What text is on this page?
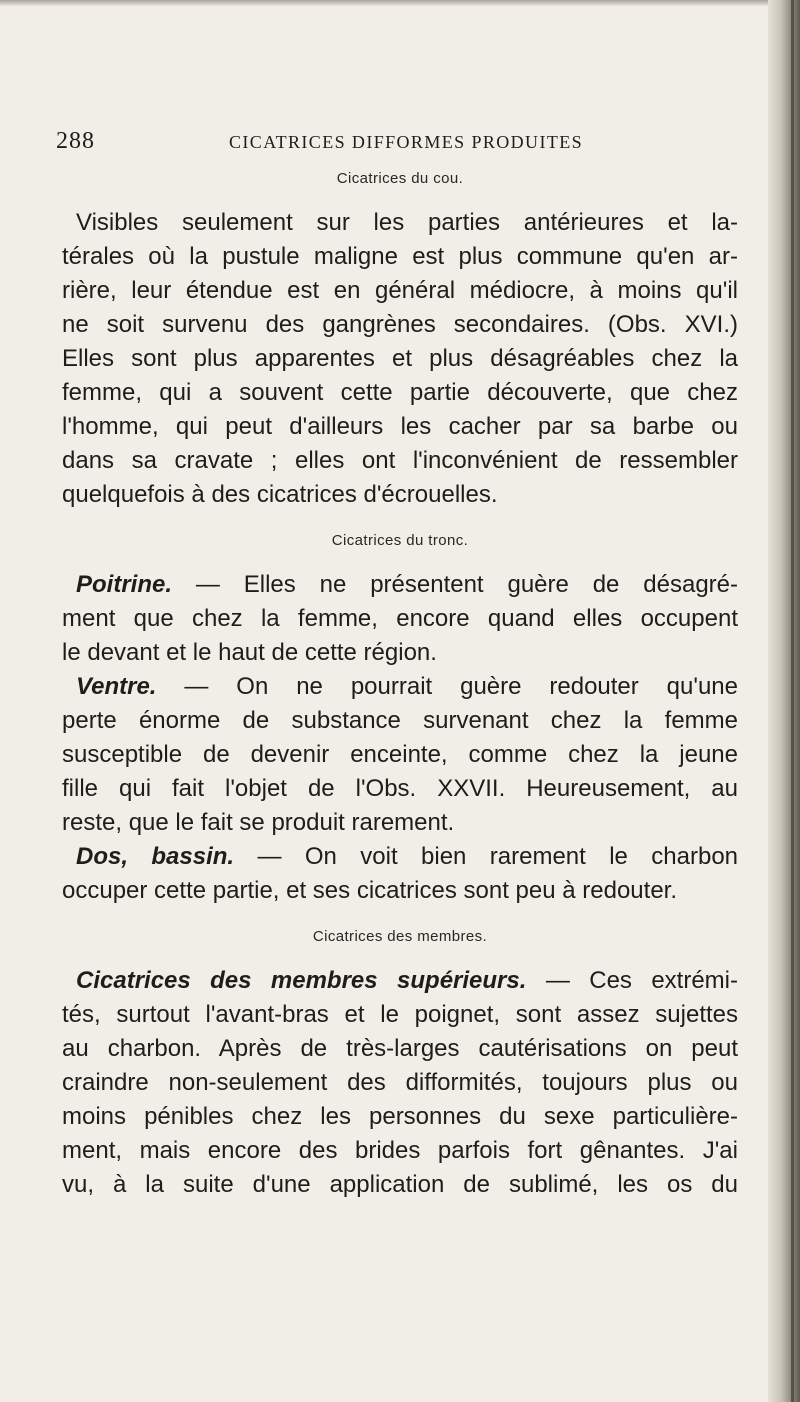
288	CICATRICES DIFFORMES PRODUITES
Cicatrices du cou.
Visibles seulement sur les parties antérieures et la-
térales où la pustule maligne est plus commune qu'en ar-
rière, leur étendue est en général médiocre, à moins qu'il
ne soit survenu des gangrènes secondaires. (Obs. XVI.)
Elles sont plus apparentes et plus désagréables chez la
femme, qui a souvent cette partie découverte, que chez
l'homme, qui peut d'ailleurs les cacher par sa barbe ou
dans sa cravate ; elles ont l'inconvénient de ressembler
quelquefois à des cicatrices d'écrouelles.
Cicatrices du tronc.
Poitrine. — Elles ne présentent guère de désagré-
ment que chez la femme, encore quand elles occupent
le devant et le haut de cette région.
Ventre. — On ne pourrait guère redouter qu'une
perte énorme de substance survenant chez la femme
susceptible de devenir enceinte, comme chez la jeune
fille qui fait l'objet de l'Obs. XXVII. Heureusement, au
reste, que le fait se produit rarement.
Dos, bassin. — On voit bien rarement le charbon
occuper cette partie, et ses cicatrices sont peu à redouter.
Cicatrices des membres.
Cicatrices des membres supérieurs. — Ces extrémi-
tés, surtout l'avant-bras et le poignet, sont assez sujettes
au charbon. Après de très-larges cautérisations on peut
craindre non-seulement des difformités, toujours plus ou
moins pénibles chez les personnes du sexe particulière-
ment, mais encore des brides parfois fort gênantes. J'ai
vu, à la suite d'une application de sublimé, les os du
